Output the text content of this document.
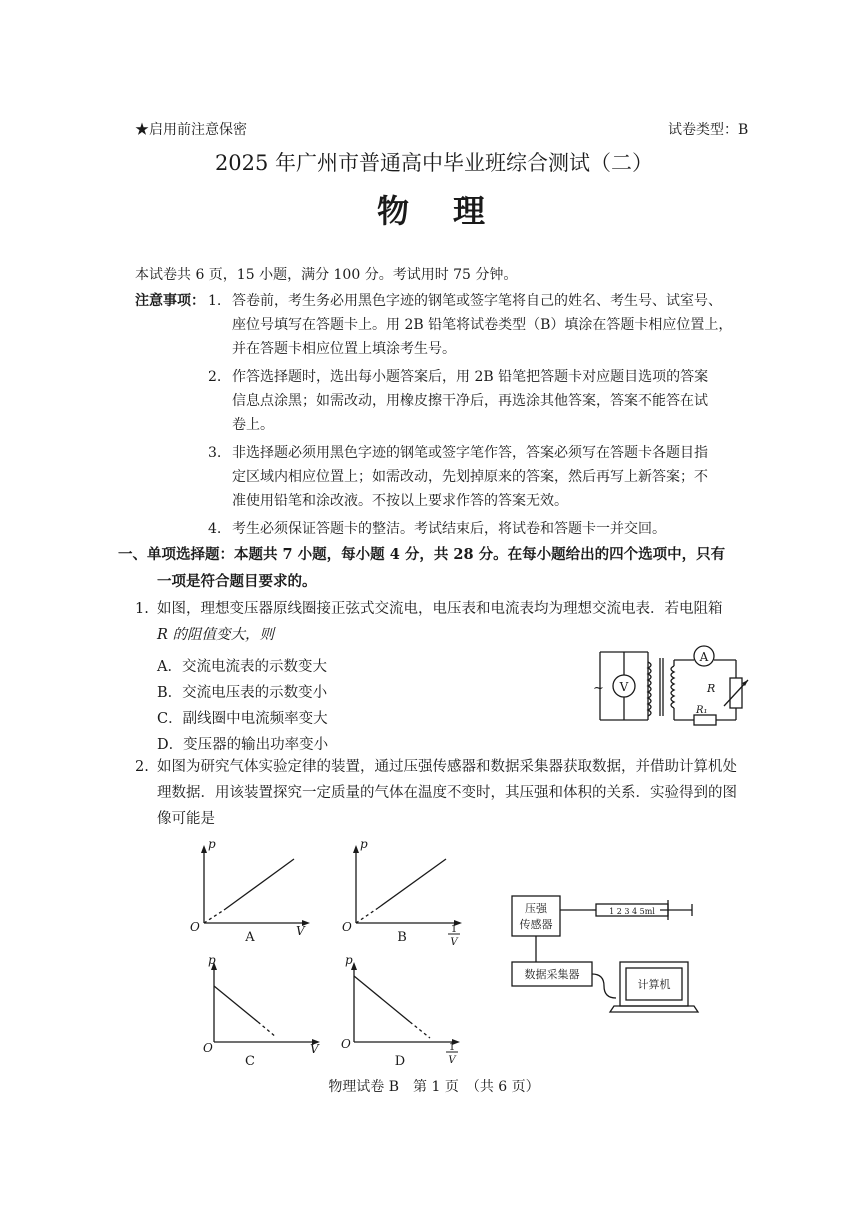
★启用前注意保密	试卷类型：B
2025 年广州市普通高中毕业班综合测试（二）
物　理
本试卷共 6 页，15 小题，满分 100 分。考试用时 75 分钟。
注意事项： 1. 答卷前，考生务必用黑色字迹的钢笔或签字笔将自己的姓名、考生号、试室号、
座位号填写在答题卡上。用 2B 铅笔将试卷类型（B）填涂在答题卡相应位置上，
并在答题卡相应位置上填涂考生号。
2. 作答选择题时，选出每小题答案后，用 2B 铅笔把答题卡对应题目选项的答案
信息点涂黑；如需改动，用橡皮擦干净后，再选涂其他答案，答案不能答在试
卷上。
3. 非选择题必须用黑色字迹的钢笔或签字笔作答，答案必须写在答题卡各题目指
定区域内相应位置上；如需改动，先划掉原来的答案，然后再写上新答案；不
准使用铅笔和涂改液。不按以上要求作答的答案无效。
4. 考生必须保证答题卡的整洁。考试结束后，将试卷和答题卡一并交回。
一、单项选择题：本题共 7 小题，每小题 4 分，共 28 分。在每小题给出的四个选项中，只有
一项是符合题目要求的。
1. 如图，理想变压器原线圈接正弦式交流电，电压表和电流表均为理想交流电表．若电阻箱
R 的阻值变大，则
A．交流电流表的示数变大
B．交流电压表的示数变小
C．副线圈中电流频率变大
D．变压器的输出功率变小
V
A
~	R
R₁
2. 如图为研究气体实验定律的装置，通过压强传感器和数据采集器获取数据，并借助计算机处
理数据．用该装置探究一定质量的气体在温度不变时，其压强和体积的关系．实验得到的图
像可能是
p
O	V
A
p
O	1
V
B
p
O	V
C
p
O	1
V
D
压强
传感器
数据采集器
计算机
1 2 3 4 5ml
物理试卷 B　第 1 页　（共 6 页）
